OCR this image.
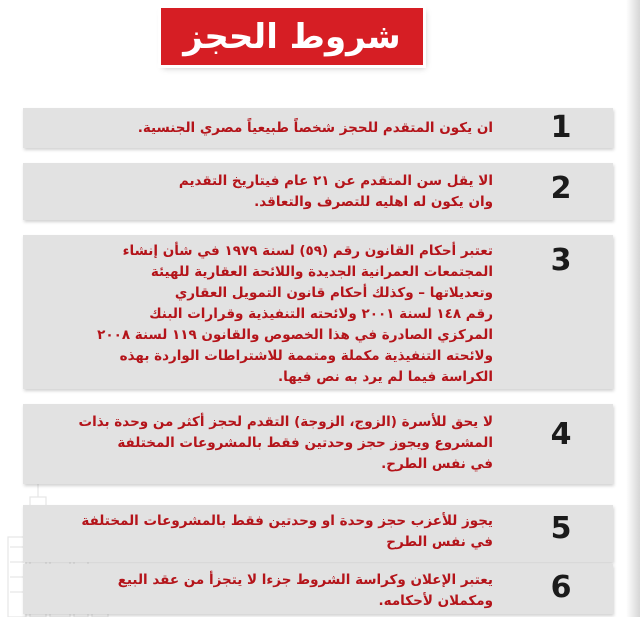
شروط الحجز
ان يكون المتقدم للحجز شخصاً طبيعياً مصري الجنسية.	1
الا يقل سن المتقدم عن ٢١ عام فيتاريخ التقديم
وان يكون له اهليه للتصرف والتعاقد.	2
تعتبر أحكام القانون رقم (٥٩) لسنة ١٩٧٩ في شأن إنشاء
المجتمعات العمرانية الجديدة واللائحة العقارية للهيئة
وتعديلاتها – وكذلك أحكام قانون التمويل العقاري
رقم ١٤٨ لسنة ٢٠٠١ ولائحته التنفيذية وقرارات البنك
المركزي الصادرة في هذا الخصوص والقانون ١١٩ لسنة ٢٠٠٨
ولائحته التنفيذية مكملة ومتممة للاشتراطات الواردة بهذه
الكراسة فيما لم يرد به نص فيها.
3
لا يحق للأسرة (الزوج، الزوجة) التقدم لحجز أكثر من وحدة بذات
المشروع ويجوز حجز وحدتين فقط بالمشروعات المختلفة
في نفس الطرح.
4
يجوز للأعزب حجز وحدة او وحدتين فقط بالمشروعات المختلفة
في نفس الطرح	5
يعتبر الإعلان وكراسة الشروط جزءا لا يتجزأ من عقد البيع
ومكملان لأحكامه.	6
